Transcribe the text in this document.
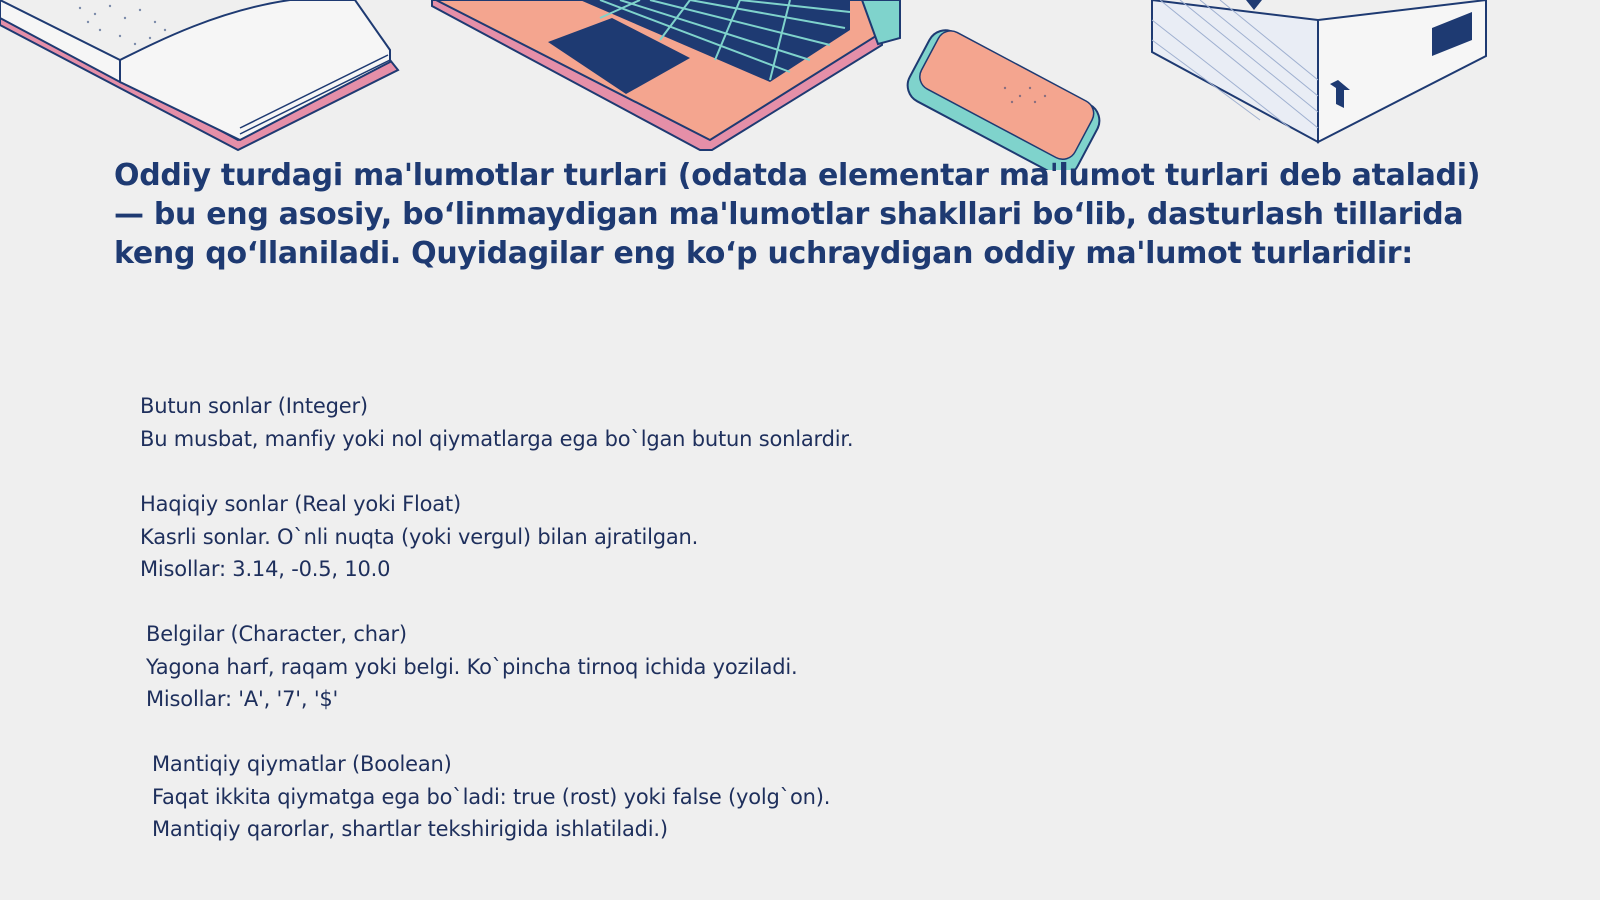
Oddiy turdagi ma'lumotlar turlari (odatda elementar ma'lumot turlari deb ataladi) — bu eng asosiy, bo‘linmaydigan ma'lumotlar shakllari bo‘lib, dasturlash tillarida keng qo‘llaniladi. Quyidagilar eng ko‘p uchraydigan oddiy ma'lumot turlaridir:

Butun sonlar (Integer)
Bu musbat, manfiy yoki nol qiymatlarga ega bo`lgan butun sonlardir.
Haqiqiy sonlar (Real yoki Float)
Kasrli sonlar. O`nli nuqta (yoki vergul) bilan ajratilgan.
Misollar: 3.14, -0.5, 10.0
Belgilar (Character, char)
Yagona harf, raqam yoki belgi. Ko`pincha tirnoq ichida yoziladi.
Misollar: 'A', '7', '$'
Mantiqiy qiymatlar (Boolean)
Faqat ikkita qiymatga ega bo`ladi: true (rost) yoki false (yolg`on).
Mantiqiy qarorlar, shartlar tekshirigida ishlatiladi.)
